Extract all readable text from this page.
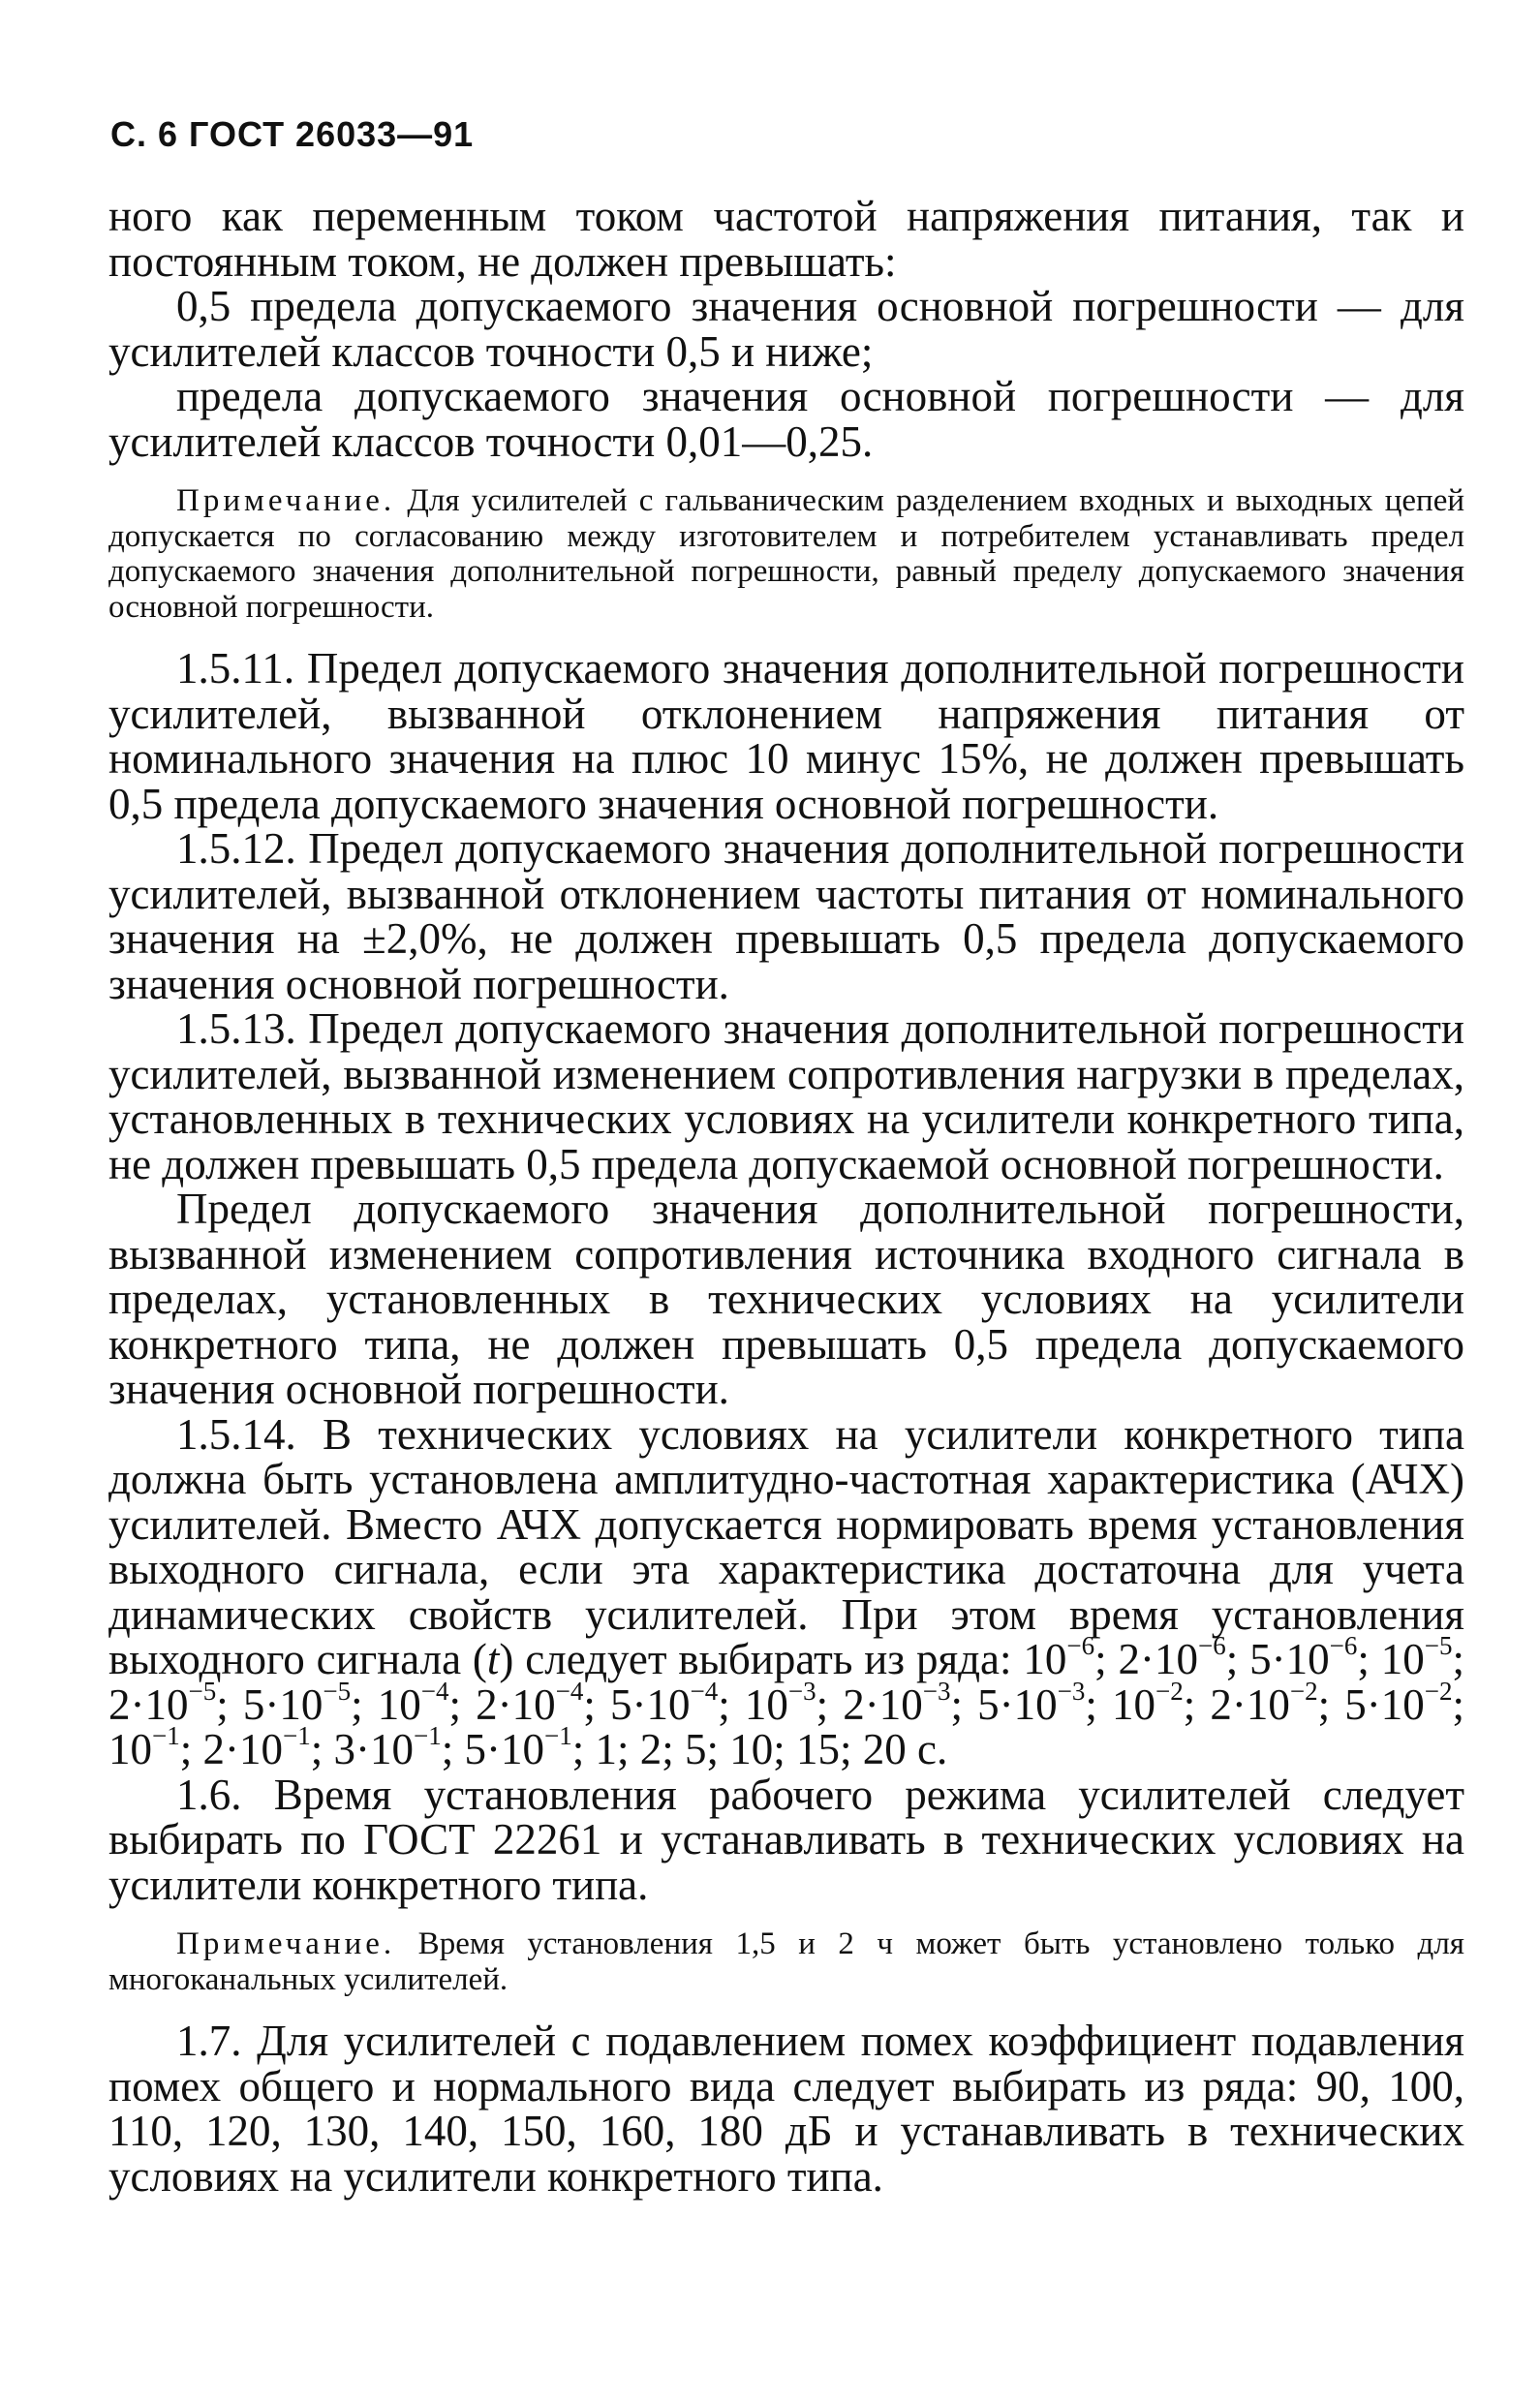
С. 6 ГОСТ 26033—91

ного как переменным током частотой напряжения питания, так и постоянным током, не должен превышать:

0,5 предела допускаемого значения основной погрешности — для усилителей классов точности 0,5 и ниже;

предела допускаемого значения основной погрешности — для усилителей классов точности 0,01—0,25.

Примечание. Для усилителей с гальваническим разделением входных и выходных цепей допускается по согласованию между изготовителем и потребителем устанавливать предел допускаемого значения дополнительной погрешности, равный пределу допускаемого значения основной погрешности.

1.5.11. Предел допускаемого значения дополнительной погрешности усилителей, вызванной отклонением напряжения питания от номинального значения на плюс 10 минус 15%, не должен превышать 0,5 предела допускаемого значения основной погрешности.

1.5.12. Предел допускаемого значения дополнительной погрешности усилителей, вызванной отклонением частоты питания от номинального значения на ±2,0%, не должен превышать 0,5 предела допускаемого значения основной погрешности.

1.5.13. Предел допускаемого значения дополнительной погрешности усилителей, вызванной изменением сопротивления нагрузки в пределах, установленных в технических условиях на усилители конкретного типа, не должен превышать 0,5 предела допускаемой основной погрешности.

Предел допускаемого значения дополнительной погрешности, вызванной изменением сопротивления источника входного сигнала в пределах, установленных в технических условиях на усилители конкретного типа, не должен превышать 0,5 предела допускаемого значения основной погрешности.

1.5.14. В технических условиях на усилители конкретного типа должна быть установлена амплитудно-частотная характеристика (АЧХ) усилителей. Вместо АЧХ допускается нормировать время установления выходного сигнала, если эта характеристика достаточна для учета динамических свойств усилителей. При этом время установления выходного сигнала (t) следует выбирать из ряда: $10^{-6}$; $2\cdot 10^{-6}$; $5\cdot 10^{-6}$; $10^{-5}$; $2\cdot 10^{-5}$; $5\cdot 10^{-5}$; $10^{-4}$; $2\cdot 10^{-4}$; $5\cdot 10^{-4}$; $10^{-3}$; $2\cdot 10^{-3}$; $5\cdot 10^{-3}$; $10^{-2}$; $2\cdot 10^{-2}$; $5\cdot 10^{-2}$; $10^{-1}$; $2\cdot 10^{-1}$; $3\cdot 10^{-1}$; $5\cdot 10^{-1}$; 1; 2; 5; 10; 15; 20 с.

1.6. Время установления рабочего режима усилителей следует выбирать по ГОСТ 22261 и устанавливать в технических условиях на усилители конкретного типа.

Примечание. Время установления 1,5 и 2 ч может быть установлено только для многоканальных усилителей.

1.7. Для усилителей с подавлением помех коэффициент подавления помех общего и нормального вида следует выбирать из ряда: 90, 100, 110, 120, 130, 140, 150, 160, 180 дБ и устанавливать в технических условиях на усилители конкретного типа.
